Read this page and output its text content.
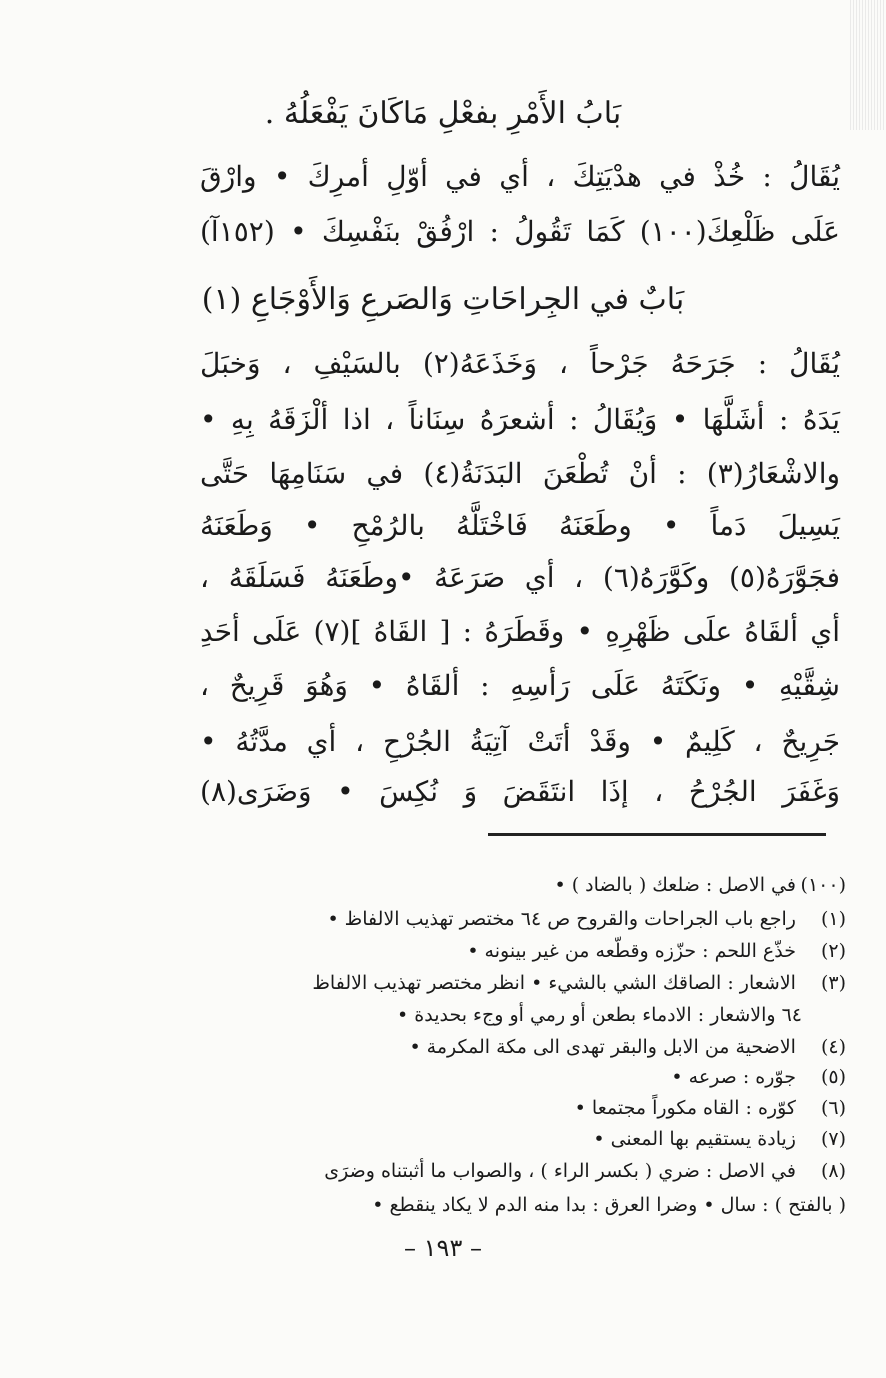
بَابُ الأَمْرِ بفعْلِ مَاكَانَ يَفْعَلُهُ .
يُقَالُ : خُذْ في هدْيَتِكَ ، أي في أوّلِ أمرِكَ • وارْقَ
عَلَى ظَلْعِكَ(١٠٠) كَمَا تَقُولُ : ارْفُقْ بنَفْسِكَ • (١٥٢آ)
بَابٌ في الجِراحَاتِ وَالصَرعِ وَالأَوْجَاعِ (١)
يُقَالُ : جَرَحَهُ جَرْحاً ، وَخَذَعَهُ(٢) بالسَيْفِ ، وَخبَلَ
يَدَهُ : أشَلَّهَا • وَيُقَالُ : أشعرَهُ سِنَاناً ، اذا ألْزَقَهُ بِهِ •
والاشْعَارُ(٣) : أنْ تُطْعَنَ البَدَنَةُ(٤) في سَنَامِهَا حَتَّى
يَسِيلَ دَماً • وطَعَنَهُ فَاخْتَلَّهُ بالرُمْحِ • وَطَعَنَهُ
فجَوَّرَهُ(٥) وكَوَّرَهُ(٦) ، أي صَرَعَهُ •وطَعَنَهُ فَسَلَقَهُ ،
أي ألقَاهُ علَى ظَهْرِهِ • وقَطَرَهُ : [ القَاهُ ](٧) عَلَى أحَدِ
شِقَّيْهِ • ونَكَتَهُ عَلَى رَأسِهِ : ألقَاهُ • وَهُوَ قَرِيحٌ ،
جَرِيحٌ ، كَلِيمٌ • وقَدْ أتَتْ آتِيَةُ الجُرْحِ ، أي مدَّتُهُ •
وَغَفَرَ الجُرْحُ ، إذَا انتَقَضَ وَ نُكِسَ • وَضَرَى(٨)
(١٠٠) في الاصل : ضلعك ( بالضاد ) •
(١) راجع باب الجراحات والقروح ص ٦٤ مختصر تهذيب الالفاظ •
(٢) خذّع اللحم : حزّزه وقطّعه من غير بينونه •
(٣) الاشعار : الصاقك الشي بالشيء • انظر مختصر تهذيب الالفاظ
٦٤ والاشعار : الادماء بطعن أو رمي أو وجء بحديدة •
(٤) الاضحية من الابل والبقر تهدى الى مكة المكرمة •
(٥) جوّره : صرعه •
(٦) كوّره : القاه مكوراً مجتمعا •
(٧) زيادة يستقيم بها المعنى •
(٨) في الاصل : ضري ( بكسر الراء ) ، والصواب ما أثبتناه وضرَى
( بالفتح ) : سال • وضرا العرق : بدا منه الدم لا يكاد ينقطع •
– ١٩٣ –
